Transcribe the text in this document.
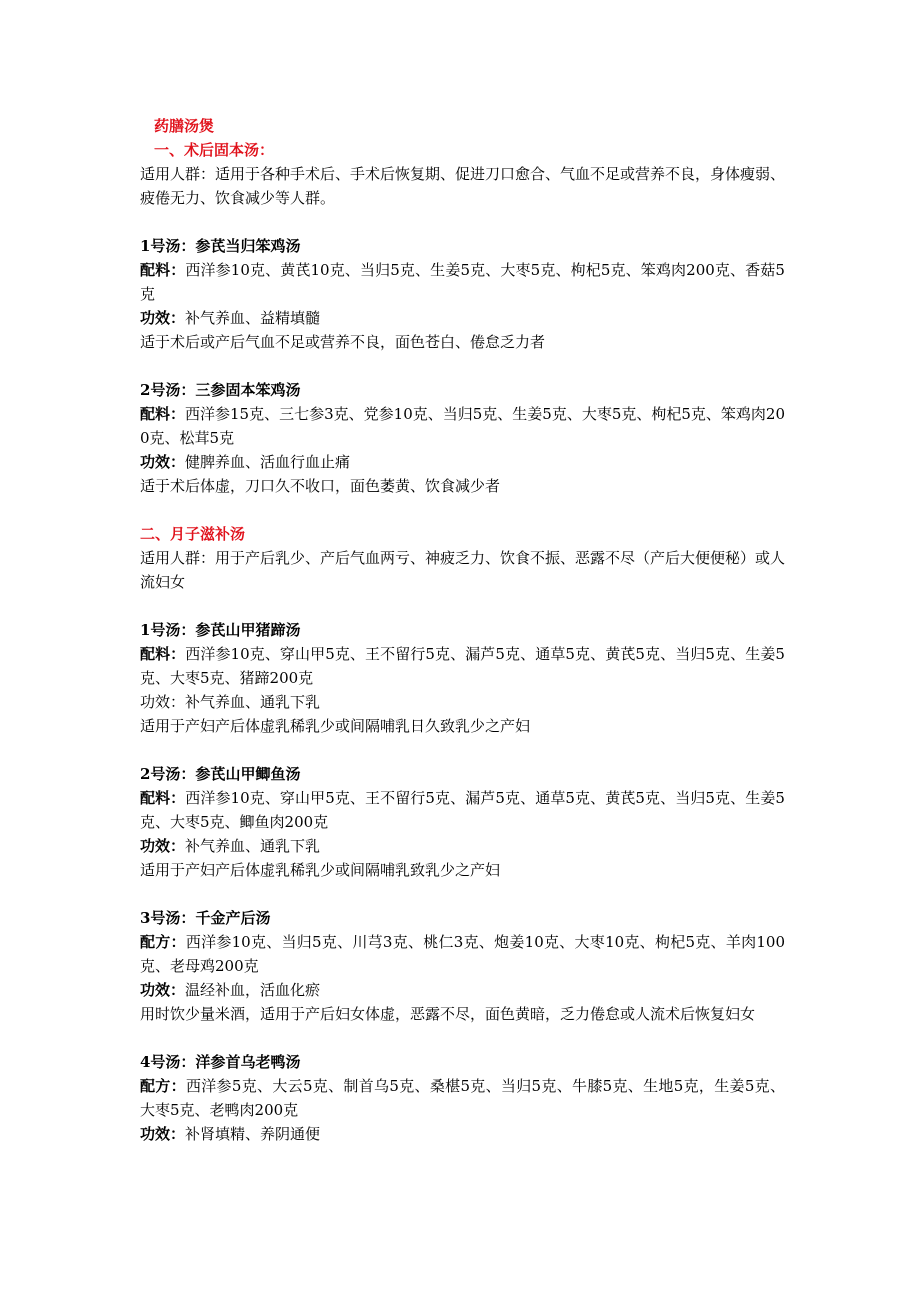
药膳汤煲
一、术后固本汤：

适用人群：适用于各种手术后、手术后恢复期、促进刀口愈合、气血不足或营养不良，身体瘦弱、疲倦无力、饮食减少等人群。

1号汤：参芪当归笨鸡汤

配料：西洋参10克、黄芪10克、当归5克、生姜5克、大枣5克、枸杞5克、笨鸡肉200克、香菇5克

功效：补气养血、益精填髓

适于术后或产后气血不足或营养不良，面色苍白、倦怠乏力者

2号汤：三参固本笨鸡汤

配料：西洋参15克、三七参3克、党参10克、当归5克、生姜5克、大枣5克、枸杞5克、笨鸡肉200克、松茸5克

功效：健脾养血、活血行血止痛

适于术后体虚，刀口久不收口，面色萎黄、饮食减少者

二、月子滋补汤

适用人群：用于产后乳少、产后气血两亏、神疲乏力、饮食不振、恶露不尽（产后大便便秘）或人流妇女

1号汤：参芪山甲猪蹄汤

配料：西洋参10克、穿山甲5克、王不留行5克、漏芦5克、通草5克、黄芪5克、当归5克、生姜5克、大枣5克、猪蹄200克

功效：补气养血、通乳下乳

适用于产妇产后体虚乳稀乳少或间隔哺乳日久致乳少之产妇

2号汤：参芪山甲鲫鱼汤

配料：西洋参10克、穿山甲5克、王不留行5克、漏芦5克、通草5克、黄芪5克、当归5克、生姜5克、大枣5克、鲫鱼肉200克

功效：补气养血、通乳下乳

适用于产妇产后体虚乳稀乳少或间隔哺乳致乳少之产妇

3号汤：千金产后汤

配方：西洋参10克、当归5克、川芎3克、桃仁3克、炮姜10克、大枣10克、枸杞5克、羊肉100克、老母鸡200克

功效：温经补血，活血化瘀

用时饮少量米酒，适用于产后妇女体虚，恶露不尽，面色黄暗，乏力倦怠或人流术后恢复妇女

4号汤：洋参首乌老鸭汤

配方：西洋参5克、大云5克、制首乌5克、桑椹5克、当归5克、牛膝5克、生地5克，生姜5克、大枣5克、老鸭肉200克

功效：补肾填精、养阴通便
